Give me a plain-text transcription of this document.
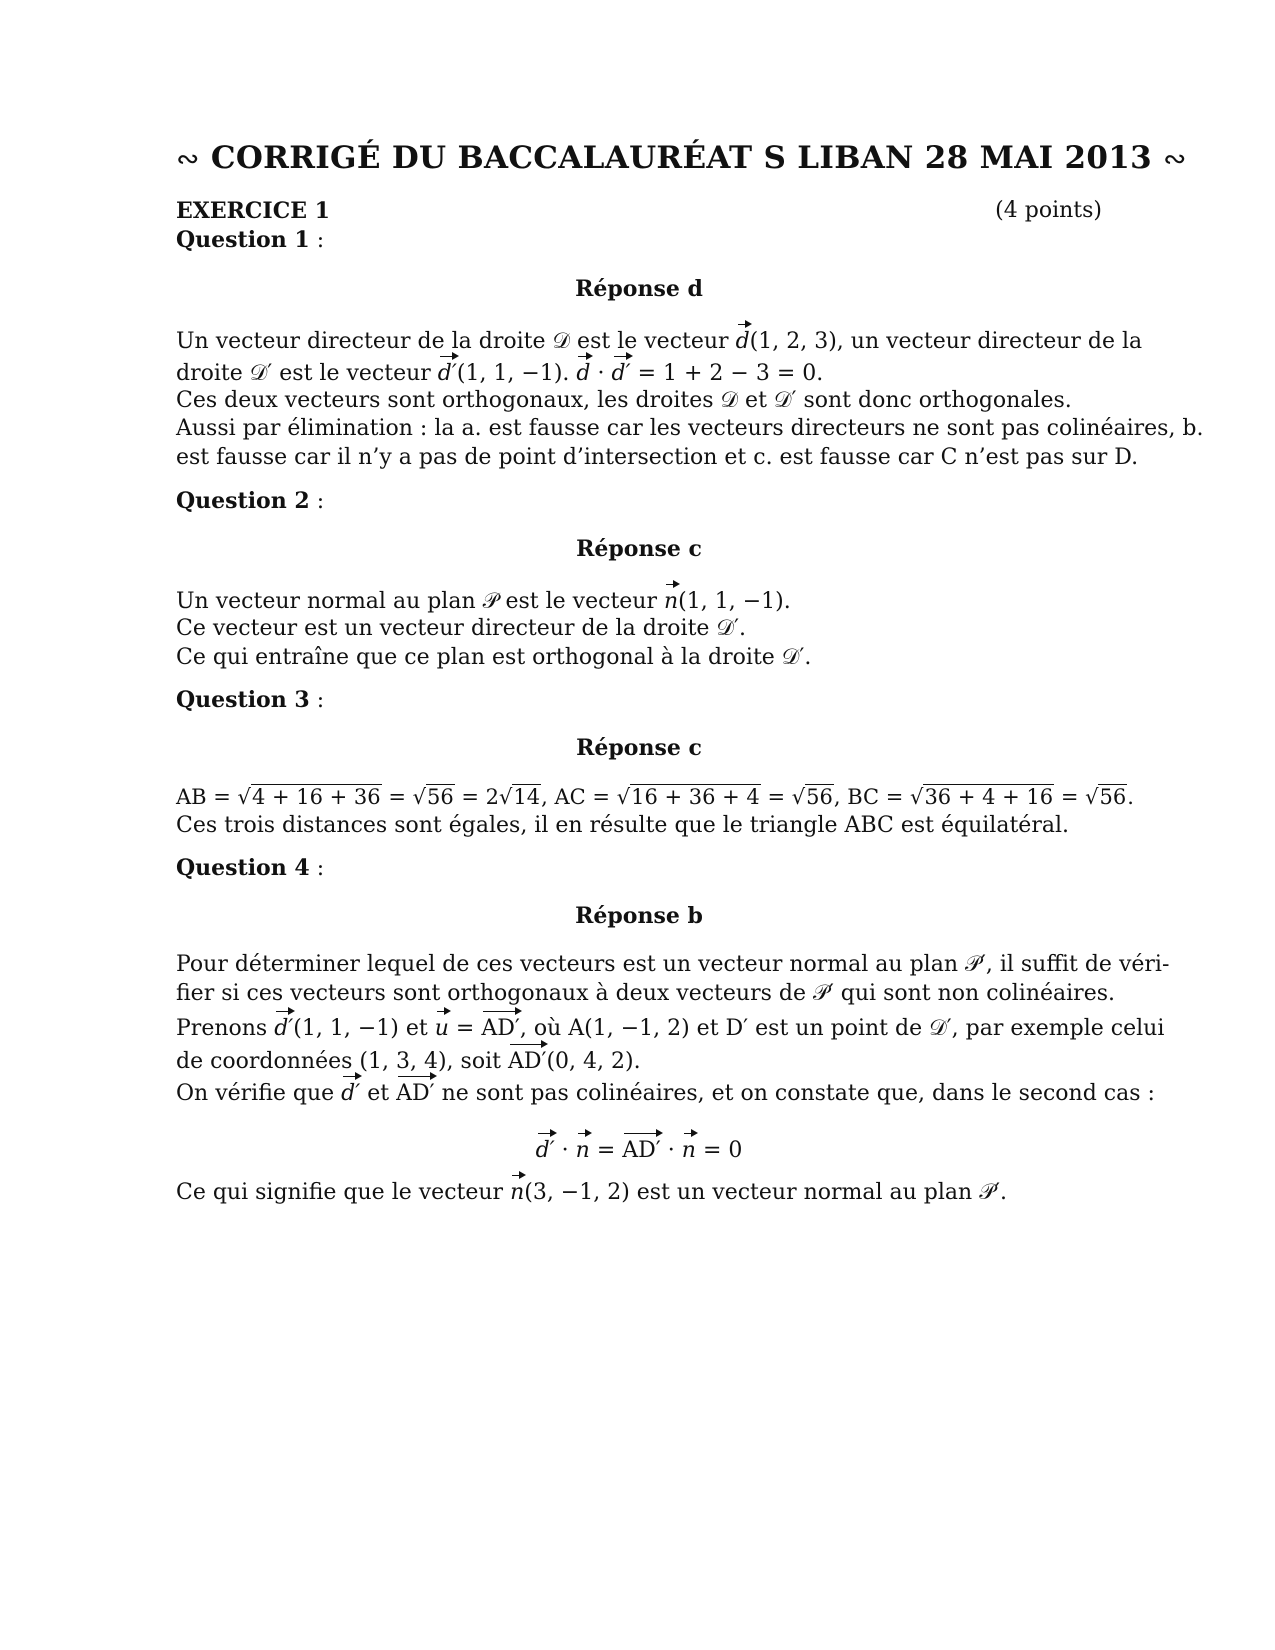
∾ CORRIGÉ DU BACCALAURÉAT S LIBAN 28 MAI 2013 ∾
EXERCICE 1	(4 points)
Question 1 :
Réponse d
Un vecteur directeur de la droite 𝒟 est le vecteur d(1, 2, 3), un vecteur directeur de la
droite 𝒟′ est le vecteur d′(1, 1, −1). d · d′ = 1 + 2 − 3 = 0.
Ces deux vecteurs sont orthogonaux, les droites 𝒟 et 𝒟′ sont donc orthogonales.
Aussi par élimination : la a. est fausse car les vecteurs directeurs ne sont pas colinéaires, b.
est fausse car il n’y a pas de point d’intersection et c. est fausse car C n’est pas sur D.
Question 2 :
Réponse c
Un vecteur normal au plan 𝒫 est le vecteur n(1, 1, −1).
Ce vecteur est un vecteur directeur de la droite 𝒟′.
Ce qui entraîne que ce plan est orthogonal à la droite 𝒟′.
Question 3 :
Réponse c
AB = √4 + 16 + 36 = √56 = 2√14, AC = √16 + 36 + 4 = √56, BC = √36 + 4 + 16 = √56.
Ces trois distances sont égales, il en résulte que le triangle ABC est équilatéral.
Question 4 :
Réponse b
Pour déterminer lequel de ces vecteurs est un vecteur normal au plan 𝒫′, il suffit de véri-
fier si ces vecteurs sont orthogonaux à deux vecteurs de 𝒫′ qui sont non colinéaires.
Prenons d′(1, 1, −1) et u = AD′, où A(1, −1, 2) et D′ est un point de 𝒟′, par exemple celui
de coordonnées (1, 3, 4), soit AD′(0, 4, 2).
On vérifie que d′ et AD′ ne sont pas colinéaires, et on constate que, dans le second cas :
d′ · n = AD′ · n = 0
Ce qui signifie que le vecteur n(3, −1, 2) est un vecteur normal au plan 𝒫′.
